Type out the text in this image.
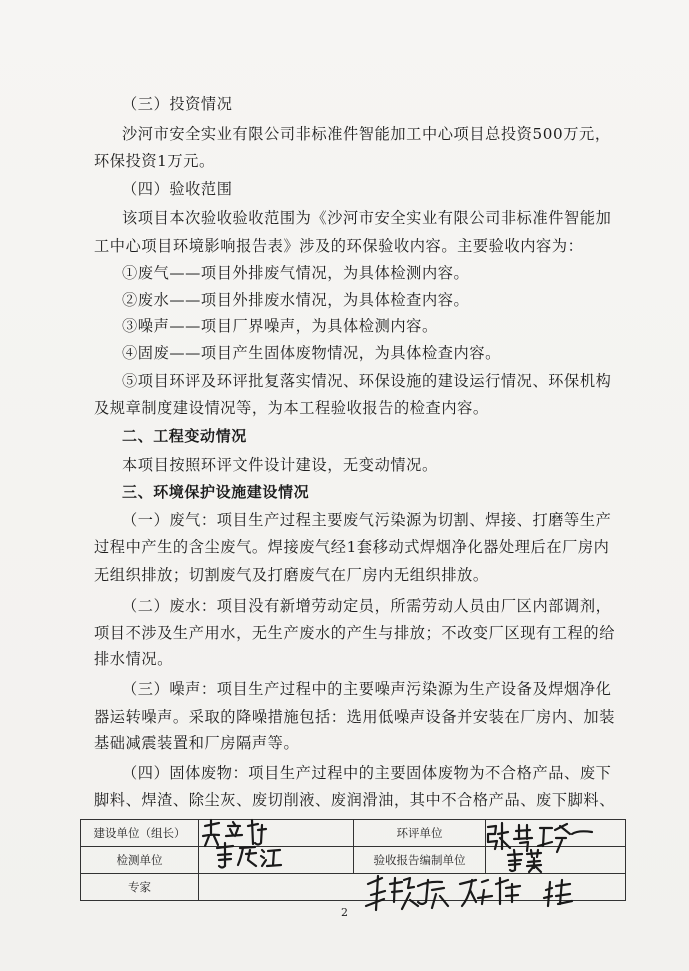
（三）投资情况
沙河市安全实业有限公司非标准件智能加工中心项目总投资500万元，
环保投资1万元。
（四）验收范围
该项目本次验收验收范围为《沙河市安全实业有限公司非标准件智能加
工中心项目环境影响报告表》涉及的环保验收内容。主要验收内容为：
①废气——项目外排废气情况，为具体检测内容。
②废水——项目外排废水情况，为具体检查内容。
③噪声——项目厂界噪声，为具体检测内容。
④固废——项目产生固体废物情况，为具体检查内容。
⑤项目环评及环评批复落实情况、环保设施的建设运行情况、环保机构
及规章制度建设情况等，为本工程验收报告的检查内容。
二、工程变动情况
本项目按照环评文件设计建设，无变动情况。
三、环境保护设施建设情况
（一）废气：项目生产过程主要废气污染源为切割、焊接、打磨等生产
过程中产生的含尘废气。焊接废气经1套移动式焊烟净化器处理后在厂房内
无组织排放；切割废气及打磨废气在厂房内无组织排放。
（二）废水：项目没有新增劳动定员，所需劳动人员由厂区内部调剂，
项目不涉及生产用水，无生产废水的产生与排放；不改变厂区现有工程的给
排水情况。
（三）噪声：项目生产过程中的主要噪声污染源为生产设备及焊烟净化
器运转噪声。采取的降噪措施包括：选用低噪声设备并安装在厂房内、加装
基础减震装置和厂房隔声等。
（四）固体废物：项目生产过程中的主要固体废物为不合格产品、废下
脚料、焊渣、除尘灰、废切削液、废润滑油，其中不合格产品、废下脚料、
建设单位（组长）		环评单位	
检测单位		验收报告编制单位	
专家			
2
